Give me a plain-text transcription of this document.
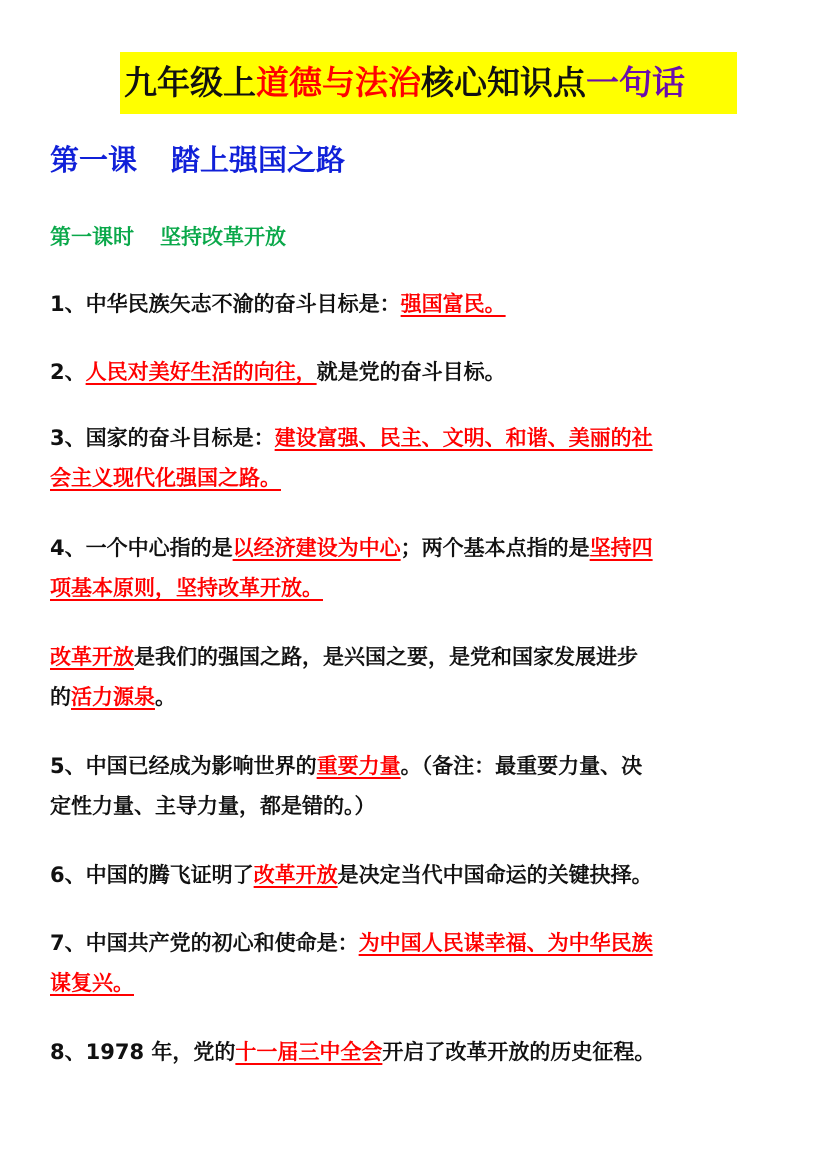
九年级上道德与法治核心知识点一句话
第一课 踏上强国之路
第一课时 坚持改革开放
1、中华民族矢志不渝的奋斗目标是：强国富民。
2、人民对美好生活的向往，就是党的奋斗目标。
3、国家的奋斗目标是：建设富强、民主、文明、和谐、美丽的社
会主义现代化强国之路。
4、一个中心指的是以经济建设为中心；两个基本点指的是坚持四
项基本原则，坚持改革开放。
改革开放是我们的强国之路，是兴国之要，是党和国家发展进步
的活力源泉。
5、中国已经成为影响世界的重要力量。（备注：最重要力量、决
定性力量、主导力量，都是错的。）
6、中国的腾飞证明了改革开放是决定当代中国命运的关键抉择。
7、中国共产党的初心和使命是：为中国人民谋幸福、为中华民族
谋复兴。
8、1978 年，党的十一届三中全会开启了改革开放的历史征程。
